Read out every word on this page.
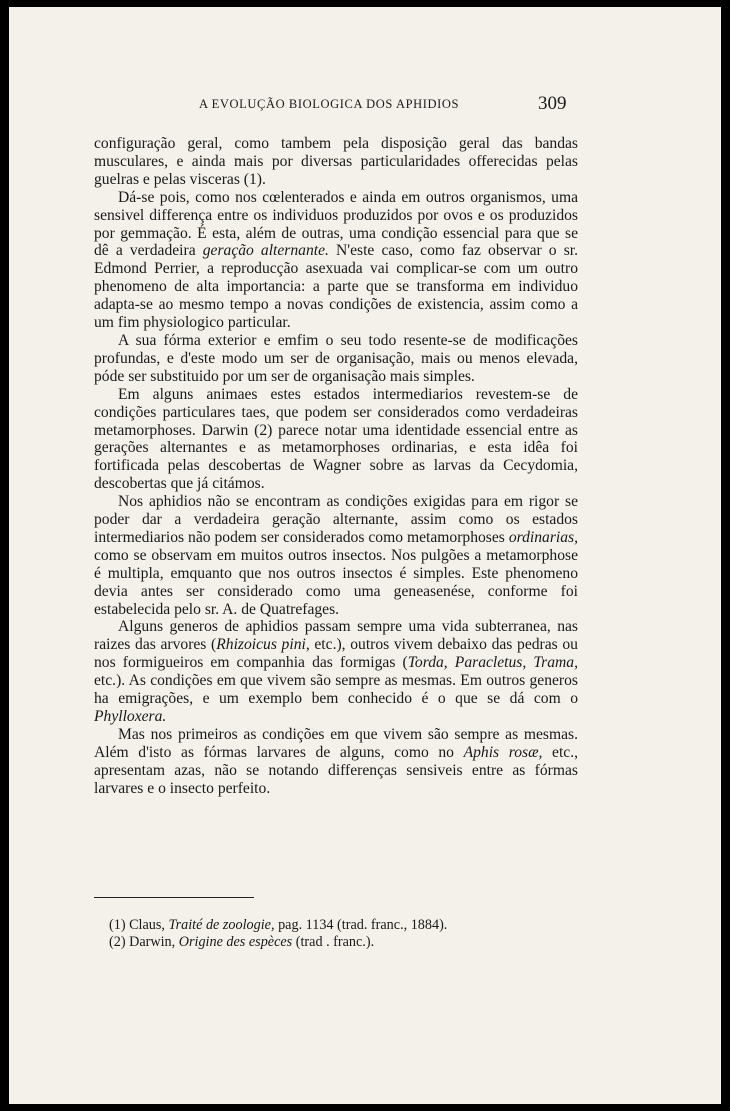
A EVOLUÇÃO BIOLOGICA DOS APHIDIOS	309

configuração geral, como tambem pela disposição geral das bandas musculares, e ainda mais por diversas particularidades offerecidas pelas guelras e pelas visceras (1).

Dá-se pois, como nos cœlenterados e ainda em outros organismos, uma sensivel differença entre os individuos produzidos por ovos e os produzidos por gemmação. É esta, além de outras, uma condição essencial para que se dê a verdadeira geração alternante. N'este caso, como faz observar o sr. Edmond Perrier, a reproducção asexuada vai complicar-se com um outro phenomeno de alta importancia: a parte que se transforma em individuo adapta-se ao mesmo tempo a novas condições de existencia, assim como a um fim physiologico particular.

A sua fórma exterior e emfim o seu todo resente-se de modificações profundas, e d'este modo um ser de organisação, mais ou menos elevada, póde ser substituido por um ser de organisação mais simples.

Em alguns animaes estes estados intermediarios revestem-se de condições particulares taes, que podem ser considerados como verdadeiras metamorphoses. Darwin (2) parece notar uma identidade essencial entre as gerações alternantes e as metamorphoses ordinarias, e esta idêa foi fortificada pelas descobertas de Wagner sobre as larvas da Cecydomia, descobertas que já citámos.

Nos aphidios não se encontram as condições exigidas para em rigor se poder dar a verdadeira geração alternante, assim como os estados intermediarios não podem ser considerados como metamorphoses ordinarias, como se observam em muitos outros insectos. Nos pulgões a metamorphose é multipla, emquanto que nos outros insectos é simples. Este phenomeno devia antes ser considerado como uma geneasenése, conforme foi estabelecida pelo sr. A. de Quatrefages.

Alguns generos de aphidios passam sempre uma vida subterranea, nas raizes das arvores (Rhizoicus pini, etc.), outros vivem debaixo das pedras ou nos formigueiros em companhia das formigas (Torda, Paracletus, Trama, etc.). As condições em que vivem são sempre as mesmas. Em outros generos ha emigrações, e um exemplo bem conhecido é o que se dá com o Phylloxera.

Mas nos primeiros as condições em que vivem são sempre as mesmas. Além d'isto as fórmas larvares de alguns, como no Aphis rosæ, etc., apresentam azas, não se notando differenças sensiveis entre as fórmas larvares e o insecto perfeito.

(1) Claus, Traité de zoologie, pag. 1134 (trad. franc., 1884).
(2) Darwin, Origine des espèces (trad . franc.).
